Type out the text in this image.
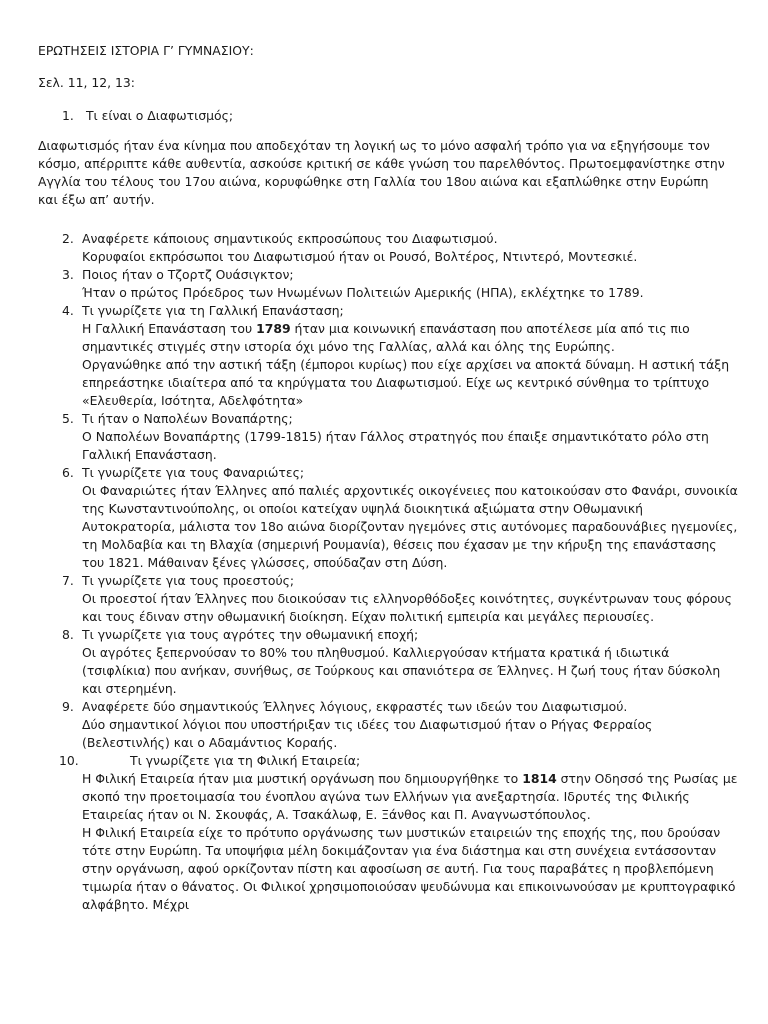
ΕΡΩΤΗΣΕΙΣ ΙΣΤΟΡΙΑ Γ’ ΓΥΜΝΑΣΙΟΥ:
Σελ. 11, 12, 13:
1. Τι είναι ο Διαφωτισμός;

Διαφωτισμός ήταν ένα κίνημα που αποδεχόταν τη λογική ως το μόνο ασφαλή τρόπο για να εξηγήσουμε τον κόσμο, απέρριπτε κάθε αυθεντία, ασκούσε κριτική σε κάθε γνώση του παρελθόντος. Πρωτοεμφανίστηκε στην Αγγλία του τέλους του 17ου αιώνα, κορυφώθηκε στη Γαλλία του 18ου αιώνα και εξαπλώθηκε στην Ευρώπη και έξω απ’ αυτήν.

2. Αναφέρετε κάποιους σημαντικούς εκπροσώπους του Διαφωτισμού.

Κορυφαίοι εκπρόσωποι του Διαφωτισμού ήταν οι Ρουσό, Βολτέρος, Ντιντερό, Μοντεσκιέ.

3. Ποιος ήταν ο Τζορτζ Ουάσιγκτον;

Ήταν ο πρώτος Πρόεδρος των Ηνωμένων Πολιτειών Αμερικής (ΗΠΑ), εκλέχτηκε το 1789.

4. Τι γνωρίζετε για τη Γαλλική Επανάσταση;

Η Γαλλική Επανάσταση του 1789 ήταν μια κοινωνική επανάσταση που αποτέλεσε μία από τις πιο σημαντικές στιγμές στην ιστορία όχι μόνο της Γαλλίας, αλλά και όλης της Ευρώπης.

Οργανώθηκε από την αστική τάξη (έμποροι κυρίως) που είχε αρχίσει να αποκτά δύναμη. Η αστική τάξη επηρεάστηκε ιδιαίτερα από τα κηρύγματα του Διαφωτισμού. Είχε ως κεντρικό σύνθημα το τρίπτυχο «Ελευθερία, Ισότητα, Αδελφότητα»

5. Τι ήταν ο Ναπολέων Βοναπάρτης;

Ο Ναπολέων Βοναπάρτης (1799-1815) ήταν Γάλλος στρατηγός που έπαιξε σημαντικότατο ρόλο στη Γαλλική Επανάσταση.

6. Τι γνωρίζετε για τους Φαναριώτες;

Οι Φαναριώτες ήταν Έλληνες από παλιές αρχοντικές οικογένειες που κατοικούσαν στο Φανάρι, συνοικία της Κωνσταντινούπολης, οι οποίοι κατείχαν υψηλά διοικητικά αξιώματα στην Οθωμανική Αυτοκρατορία, μάλιστα τον 18ο αιώνα διορίζονταν ηγεμόνες στις αυτόνομες παραδουνάβιες ηγεμονίες, τη Μολδαβία και τη Βλαχία (σημερινή Ρουμανία), θέσεις που έχασαν με την κήρυξη της επανάστασης του 1821. Μάθαιναν ξένες γλώσσες, σπούδαζαν στη Δύση.

7. Τι γνωρίζετε για τους προεστούς;

Οι προεστοί ήταν Έλληνες που διοικούσαν τις ελληνορθόδοξες κοινότητες, συγκέντρωναν τους φόρους και τους έδιναν στην οθωμανική διοίκηση. Είχαν πολιτική εμπειρία και μεγάλες περιουσίες.

8. Τι γνωρίζετε για τους αγρότες την οθωμανική εποχή;

Οι αγρότες ξεπερνούσαν το 80% του πληθυσμού. Καλλιεργούσαν κτήματα κρατικά ή ιδιωτικά (τσιφλίκια) που ανήκαν, συνήθως, σε Τούρκους και σπανιότερα σε Έλληνες. Η ζωή τους ήταν δύσκολη και στερημένη.

9. Αναφέρετε δύο σημαντικούς Έλληνες λόγιους, εκφραστές των ιδεών του Διαφωτισμού.

Δύο σημαντικοί λόγιοι που υποστήριξαν τις ιδέες του Διαφωτισμού ήταν ο Ρήγας Φερραίος (Βελεστινλής) και ο Αδαμάντιος Κοραής.

10.	Τι γνωρίζετε για τη Φιλική Εταιρεία;

Η Φιλική Εταιρεία ήταν μια μυστική οργάνωση που δημιουργήθηκε το 1814 στην Οδησσό της Ρωσίας με σκοπό την προετοιμασία του ένοπλου αγώνα των Ελλήνων για ανεξαρτησία. Ιδρυτές της Φιλικής Εταιρείας ήταν οι Ν. Σκουφάς, Α. Τσακάλωφ, Ε. Ξάνθος και Π. Αναγνωστόπουλος.

Η Φιλική Εταιρεία είχε το πρότυπο οργάνωσης των μυστικών εταιρειών της εποχής της, που δρούσαν τότε στην Ευρώπη. Τα υποψήφια μέλη δοκιμάζονταν για ένα διάστημα και στη συνέχεια εντάσσονταν στην οργάνωση, αφού ορκίζονταν πίστη και αφοσίωση σε αυτή. Για τους παραβάτες η προβλεπόμενη τιμωρία ήταν ο θάνατος. Οι Φιλικοί χρησιμοποιούσαν ψευδώνυμα και επικοινωνούσαν με κρυπτογραφικό αλφάβητο. Μέχρι
